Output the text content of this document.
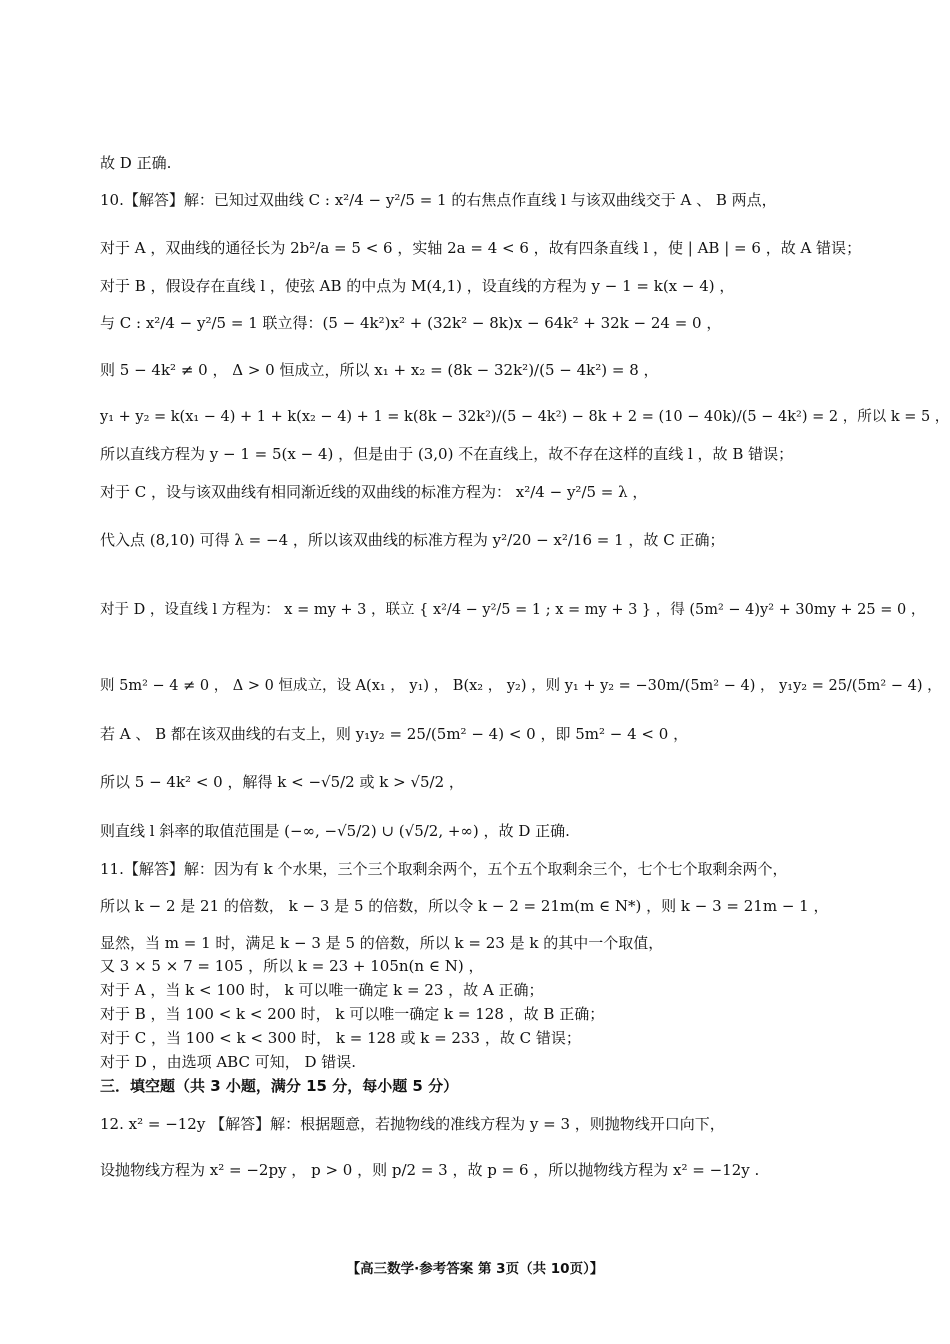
故 D 正确.
10.【解答】解：已知过双曲线 C : x²/4 − y²/5 = 1 的右焦点作直线 l 与该双曲线交于 A 、 B 两点，
对于 A ，双曲线的通径长为 2b²/a = 5 < 6 ，实轴 2a = 4 < 6 ，故有四条直线 l ，使 | AB | = 6 ，故 A 错误；
对于 B ，假设存在直线 l ，使弦 AB 的中点为 M(4,1) ，设直线的方程为 y − 1 = k(x − 4) ，
与 C : x²/4 − y²/5 = 1 联立得：(5 − 4k²)x² + (32k² − 8k)x − 64k² + 32k − 24 = 0 ，
则 5 − 4k² ≠ 0 ， Δ > 0 恒成立，所以 x₁ + x₂ = (8k − 32k²)/(5 − 4k²) = 8 ，
y₁ + y₂ = k(x₁ − 4) + 1 + k(x₂ − 4) + 1 = k(8k − 32k²)/(5 − 4k²) − 8k + 2 = (10 − 40k)/(5 − 4k²) = 2 ，所以 k = 5 ，
所以直线方程为 y − 1 = 5(x − 4) ，但是由于 (3,0) 不在直线上，故不存在这样的直线 l ，故 B 错误；
对于 C ，设与该双曲线有相同渐近线的双曲线的标准方程为： x²/4 − y²/5 = λ ，
代入点 (8,10) 可得 λ = −4 ，所以该双曲线的标准方程为 y²/20 − x²/16 = 1 ，故 C 正确；
对于 D ，设直线 l 方程为： x = my + 3 ，联立 { x²/4 − y²/5 = 1 ; x = my + 3 } ，得 (5m² − 4)y² + 30my + 25 = 0 ，
则 5m² − 4 ≠ 0 ， Δ > 0 恒成立，设 A(x₁ ， y₁) ， B(x₂ ， y₂) ，则 y₁ + y₂ = −30m/(5m² − 4) ， y₁y₂ = 25/(5m² − 4) ，
若 A 、 B 都在该双曲线的右支上，则 y₁y₂ = 25/(5m² − 4) < 0 ，即 5m² − 4 < 0 ，
所以 5 − 4k² < 0 ，解得 k < −√5/2 或 k > √5/2 ，
则直线 l 斜率的取值范围是 (−∞, −√5/2) ∪ (√5/2, +∞) ，故 D 正确.
11.【解答】解：因为有 k 个水果，三个三个取剩余两个，五个五个取剩余三个，七个七个取剩余两个，
所以 k − 2 是 21 的倍数， k − 3 是 5 的倍数，所以令 k − 2 = 21m(m ∈ N*) ，则 k − 3 = 21m − 1 ，
显然，当 m = 1 时，满足 k − 3 是 5 的倍数，所以 k = 23 是 k 的其中一个取值，
又 3 × 5 × 7 = 105 ，所以 k = 23 + 105n(n ∈ N) ，
对于 A ，当 k < 100 时， k 可以唯一确定 k = 23 ，故 A 正确；
对于 B ，当 100 < k < 200 时， k 可以唯一确定 k = 128 ，故 B 正确；
对于 C ，当 100 < k < 300 时， k = 128 或 k = 233 ，故 C 错误；
对于 D ，由选项 ABC 可知， D 错误.
三．填空题（共 3 小题，满分 15 分，每小题 5 分）
12. x² = −12y 【解答】解：根据题意，若抛物线的准线方程为 y = 3 ，则抛物线开口向下，
设抛物线方程为 x² = −2py ， p > 0 ，则 p/2 = 3 ，故 p = 6 ，所以抛物线方程为 x² = −12y .
【高三数学·参考答案 第 3页（共 10页）】
